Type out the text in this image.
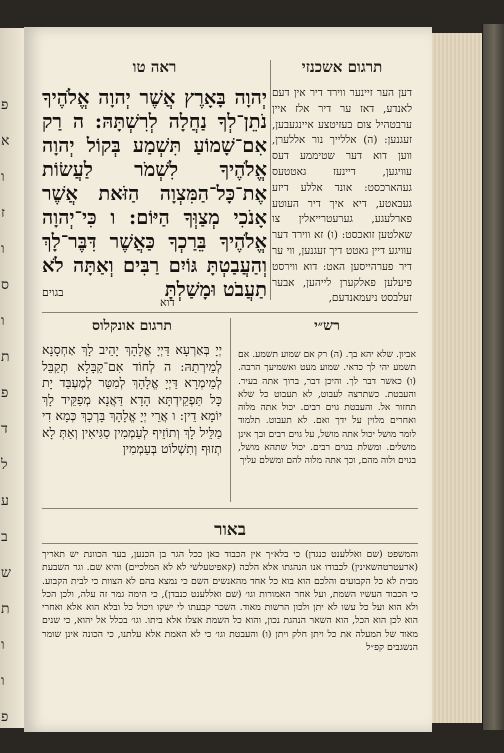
פ
א
ו
ז
ו
ס
ו
ת
פ
ד
ל
ע
ב
ש
ת
ו
ו
פ
ראה טו	תרגום אשכנזי
יְהוָה בָּאָרֶץ אֲשֶׁר יְהוָה אֱלֹהֶיךָ נֹתֵן־לְךָ נַחֲלָה לְרִשְׁתָּהּ: ה רַק אִם־שָׁמוֹעַ תִּשְׁמַע בְּקוֹל יְהוָה אֱלֹהֶיךָ לִשְׁמֹר לַעֲשׂוֹת אֶת־כָּל־הַמִּצְוָה הַזֹּאת אֲשֶׁר אָנֹכִי מְצַוְּךָ הַיּוֹם: ו כִּי־יְהוָה אֱלֹהֶיךָ בֵּרַכְךָ כַּאֲשֶׁר דִּבֶּר־לָךְ וְהַעֲבַטְתָּ גּוֹיִם רַבִּים וְאַתָּה לֹא תַעֲבֹט וּמָשַׁלְתָּ
דען הער זיינער ווירד דיר אין דעם לאנדע, דאז ער דיר אלז איין ערבטהיל צום בעזיטצע איינגעבען, זעגנען: (ה) אללייך נור אללערן, ווען דוא דער שטיממע דעס עוויגען, דיינעז גאטטעס געהארכסט: אונד אללע דיזע געבאטע, דיא איך דיר העוטע פארלעגע, גערעטרייאלין צו שאלטען זואכסט: (ו) זא ווירד דער עוויגע דיין גאטט דיך זעגנען, ווי ער דיר פערהייסען האט: דוא ווירסט פיעלען פאלקערן לייהען, אבער זעלבסט ניעמאנדעם,
בגוים
דוא
תרגום אונקלוס	רש״י
יְיָ בְּאַרְעָא דַּיְיָ אֱלָהָךְ יָהֵיב לָךְ אַחְסָנָא לְמֵירְתַהּ: ה לְחוֹד אִם־קַבָּלָא תְקַבֵּל לְמֵימְרָא דַּיְיָ אֱלָהָךְ לְמִטַּר לְמֶעְבַּד יָת כָּל תַּפְקֵידְתָּא הָדָא דַּאֲנָא מְפַקֵּיד לָךְ יוֹמָא דֵין: ו אֲרֵי יְיָ אֱלָהָךְ בָּרְכָךְ כְּמָא דִי מַלֵּיל לָךְ וְתוֹזֵיף לְעַמְמִין סַגִּיאִין וְאַתְּ לָא תְזוּף וְתִשְׁלוֹט בְּעַמְמִין
אביון. שלא יהא בך. (ה) רק אם שמוע תשמע. אם תשמע יהי לך כדאי. שמוע מעט ואשמיעך הרבה. (ו) כאשר דבר לך. והיכן דבר, ברוך אתה בעיר. והעבטת. כשתרצה לעבוט, לא תעבוט כל שלא תחזור אל. והעבטת גוים רבים. יכול אתה מלוה ואחרים מלוין על ידך ואם. לא תעבוט. תלמוד לומר מושל יכול אתה מושל, על גוים רבים ובך אינן מושלים. ומשלת בגוים רבים. יכול שתהא מושל, בגוים ולוה מהם, וכך אתה מלוה להם ומשלם עליך
באור
והמשפט (שם ואללענט כנגדן) כי בלא״ך אין הכבוד כאן ככל הגר בן הכנען, בעד הכוונת יש תאריך (ארעטרטהשאינין) לכבודו אנו הנהגתו אלא הלכה (קאפיטעלשי לא לא המלכיים) והיא שם. וגר השבעת מבית לא כל הקבועים והלכם הוא בוא כל אחד מהאנשים השם כי נמצא בהם לא הצוות כי לבית הקבוע. כי הכבוד העשיו השמת, ועל אחר האמורות וגו׳ (שם ואללענט כנבדן), כי הימה גמר זה עלה, ולכן הכל ולא הוא ועל כל עשו לא יתן ולכון הרשות מאוד. השכר קבעתו לי ישקו ויכול כל ובלא הוא אלא ואחרי הוא לכן הוא הכל, הוא השאר הנהגת נכון, והוא כל השמת אצלו אלא ביתו. וגו׳ בכלל אל יהוא, כי שנים מאוד של המעלה את כל ויתן חלק ויתן (ו) והעבטת וגו׳ כי לא האמת אלא עלתנו, כי הכונה אינן שומר הנשגבים קפ״ל
